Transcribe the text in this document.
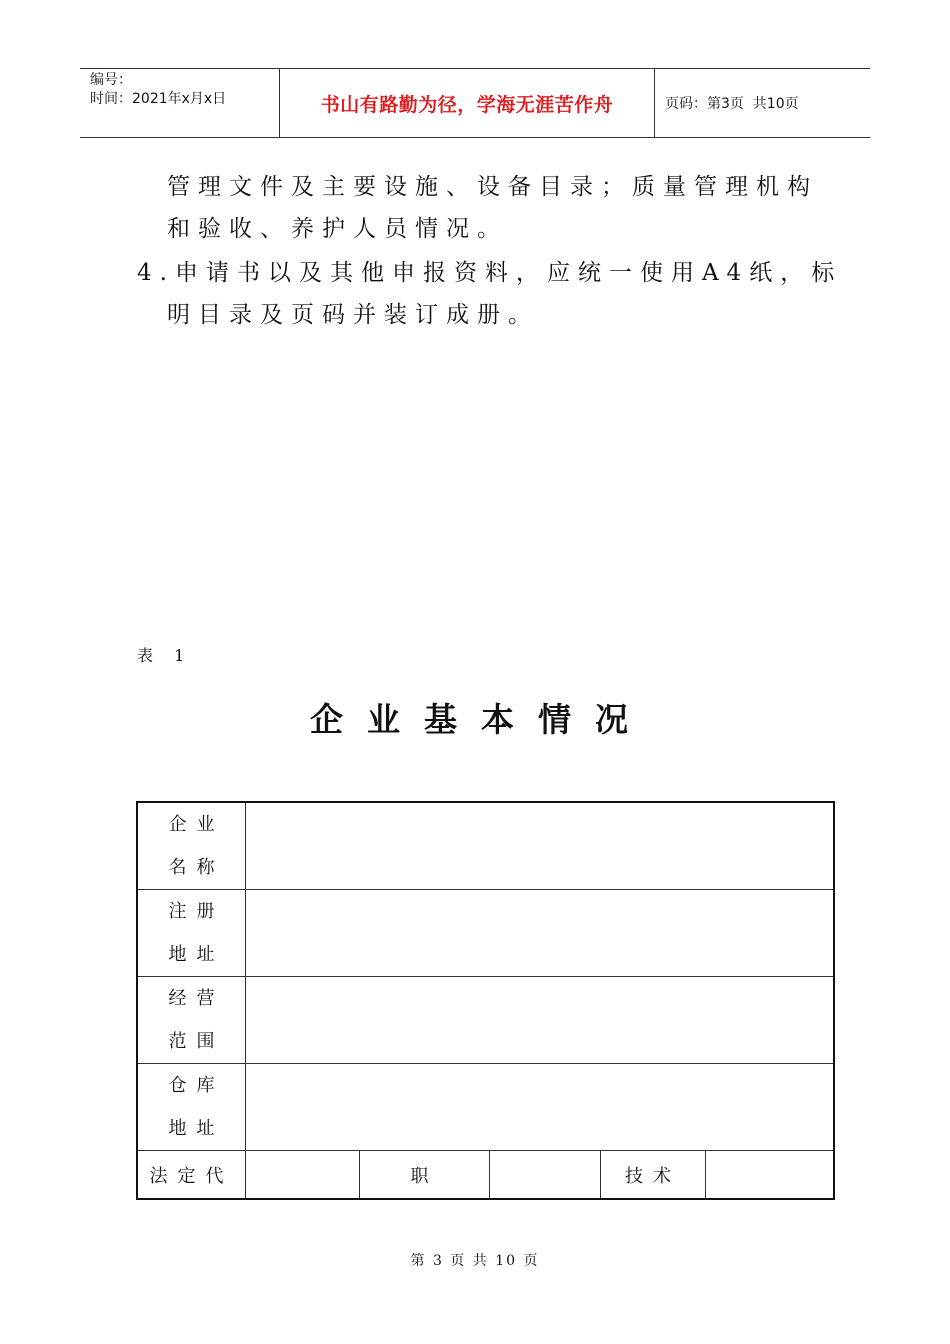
编号：
时间：2021年x月x日	书山有路勤为径，学海无涯苦作舟	页码：第3页  共10页
管理文件及主要设施、设备目录；质量管理机构
和验收、养护人员情况。
4.申请书以及其他申报资料，应统一使用A4纸，标
明目录及页码并装订成册。
表 1
企业基本情况
企业
名称					

注册
地址					

经营
范围					

仓库
地址					

法定代		职		技术	
第 3 页 共 10 页
